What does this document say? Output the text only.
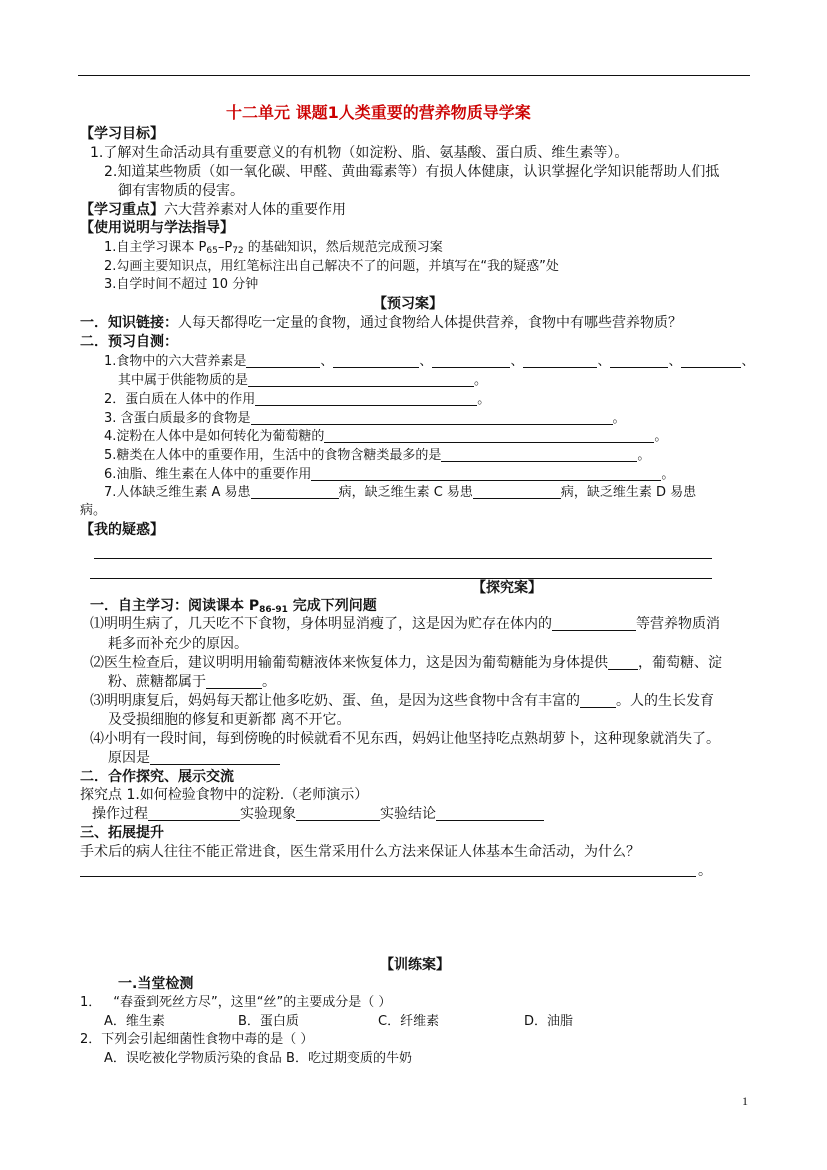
十二单元 课题1人类重要的营养物质导学案
【学习目标】
1.了解对生命活动具有重要意义的有机物（如淀粉、脂、氨基酸、蛋白质、维生素等）。
2.知道某些物质（如一氧化碳、甲醛、黄曲霉素等）有损人体健康，认识掌握化学知识能帮助人们抵
御有害物质的侵害。
【学习重点】六大营养素对人体的重要作用
【使用说明与学法指导】
1.自主学习课本 $P_{65}-P_{72}$ 的基础知识，然后规范完成预习案
2.勾画主要知识点，用红笔标注出自己解决不了的问题，并填写在“我的疑惑”处
3.自学时间不超过 10 分钟
【预习案】
一．知识链接：人每天都得吃一定量的食物，通过食物给人体提供营养，食物中有哪些营养物质？
二．预习自测：
1.食物中的六大营养素是	、	、	、	、	、	、
其中属于供能物质的是	。
2．蛋白质在人体中的作用	。
3. 含蛋白质最多的食物是	。
4.淀粉在人体中是如何转化为葡萄糖的	。
5.糖类在人体中的重要作用，生活中的食物含糖类最多的是	。
6.油脂、维生素在人体中的重要作用	。
7.人体缺乏维生素 A 易患	病，缺乏维生素 C 易患	病，缺乏维生素 D 易患
病。
【我的疑惑】
【探究案】
一．自主学习：阅读课本 $P_{86-91}$ 完成下列问题
⑴明明生病了，几天吃不下食物，身体明显消瘦了，这是因为贮存在体内的	等营养物质消
耗多而补充少的原因。
⑵医生检查后，建议明明用输葡萄糖液体来恢复体力，这是因为葡萄糖能为身体提供 ，葡萄糖、淀
粉、蔗糖都属于	。
⑶明明康复后，妈妈每天都让他多吃奶、蛋、鱼，是因为这些食物中含有丰富的	。人的生长发育
及受损细胞的修复和更新都 离不开它。
⑷小明有一段时间，每到傍晚的时候就看不见东西，妈妈让他坚持吃点熟胡萝卜，这种现象就消失了。
原因是
二．合作探究、展示交流
探究点 1.如何检验食物中的淀粉.（老师演示）
操作过程	实验现象	实验结论
三、拓展提升
手术后的病人往往不能正常进食，医生常采用什么方法来保证人体基本生命活动，为什么？
。
【训练案】
一.当堂检测
1． “春蚕到死丝方尽”，这里“丝”的主要成分是（ ）
A．维生素	B．蛋白质	C．纤维素	D．油脂
2．下列会引起细菌性食物中毒的是（ ）
A．误吃被化学物质污染的食品 B．吃过期变质的牛奶
1
